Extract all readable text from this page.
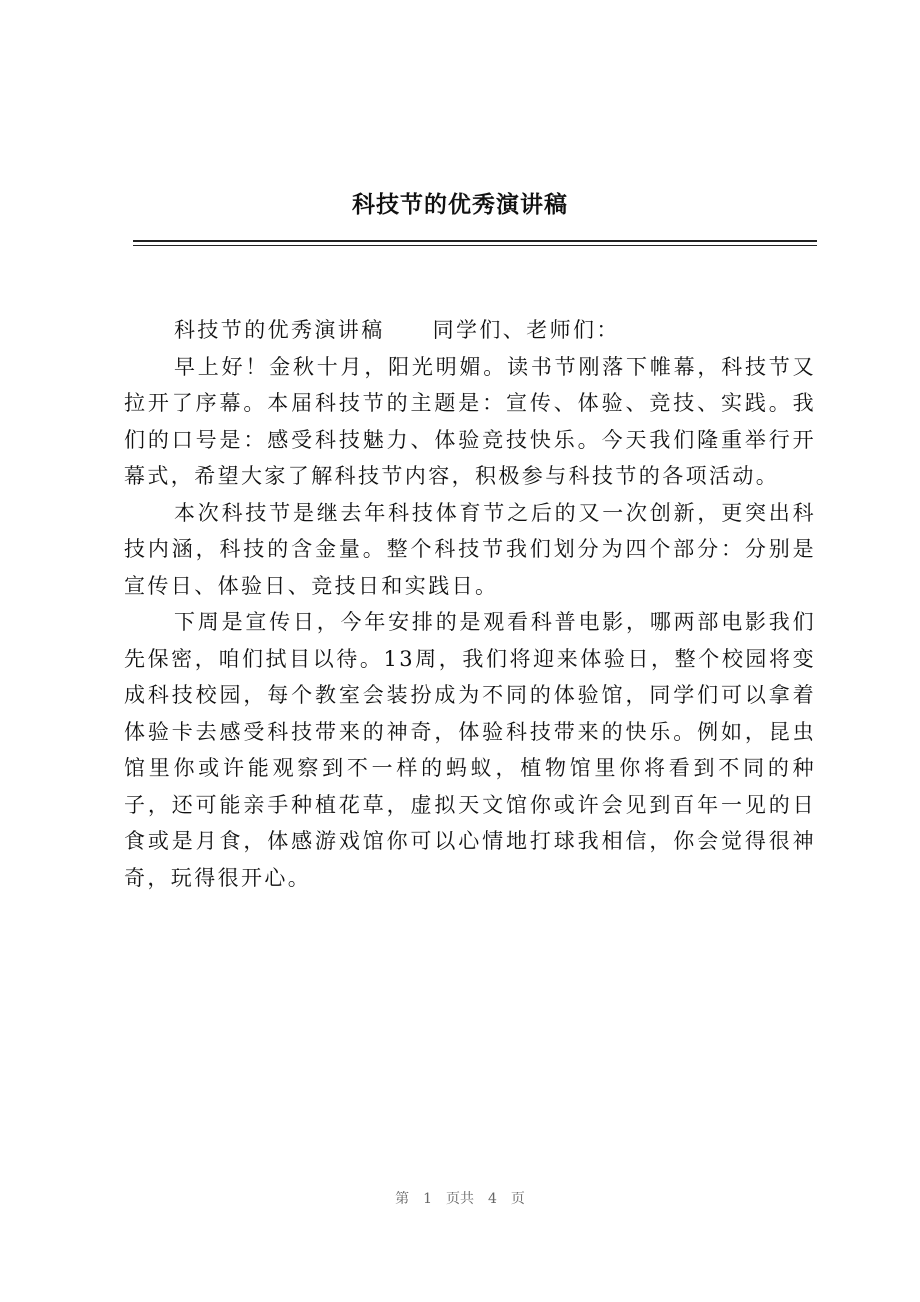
科技节的优秀演讲稿

科技节的优秀演讲稿 同学们、老师们：

早上好！金秋十月，阳光明媚。读书节刚落下帷幕，科技节又拉开了序幕。本届科技节的主题是：宣传、体验、竞技、实践。我们的口号是：感受科技魅力、体验竞技快乐。今天我们隆重举行开幕式，希望大家了解科技节内容，积极参与科技节的各项活动。

本次科技节是继去年科技体育节之后的又一次创新，更突出科技内涵，科技的含金量。整个科技节我们划分为四个部分：分别是宣传日、体验日、竞技日和实践日。

下周是宣传日，今年安排的是观看科普电影，哪两部电影我们先保密，咱们拭目以待。13周，我们将迎来体验日，整个校园将变成科技校园，每个教室会装扮成为不同的体验馆，同学们可以拿着体验卡去感受科技带来的神奇，体验科技带来的快乐。例如，昆虫馆里你或许能观察到不一样的蚂蚁，植物馆里你将看到不同的种子，还可能亲手种植花草，虚拟天文馆你或许会见到百年一见的日食或是月食，体感游戏馆你可以心情地打球我相信，你会觉得很神奇，玩得很开心。

第 1 页共 4 页
